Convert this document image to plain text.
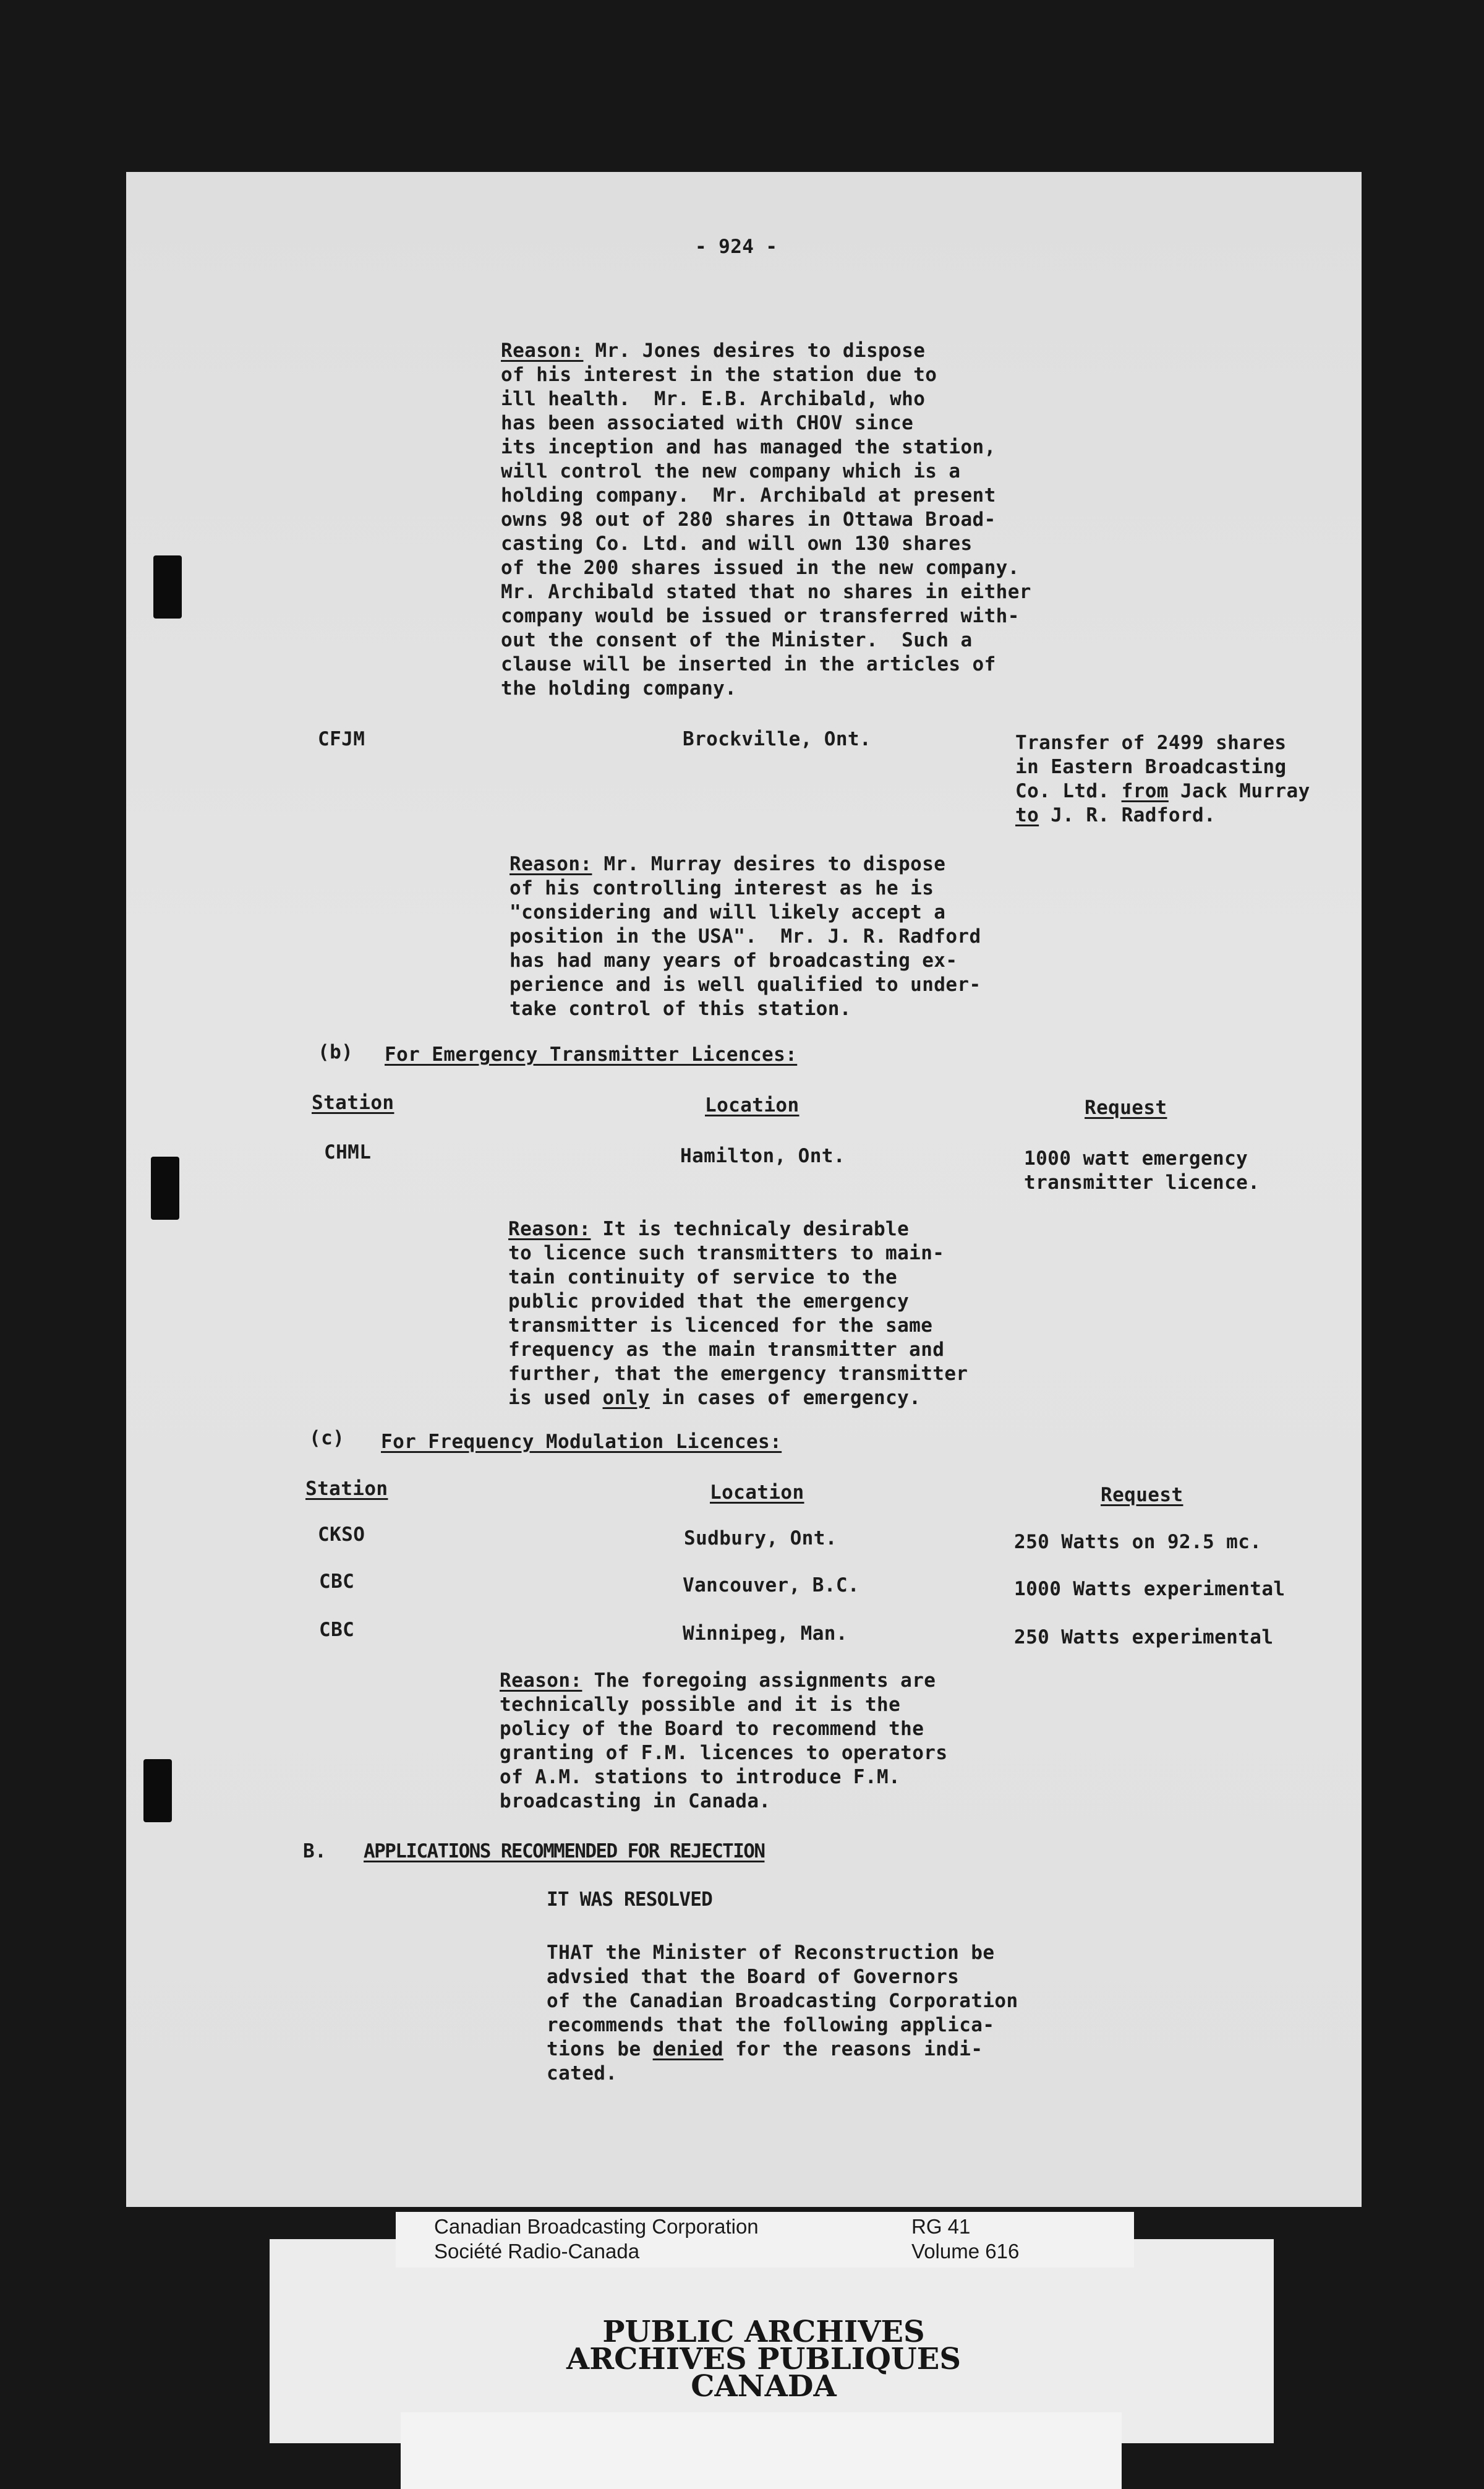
- 924 -
Reason: Mr. Jones desires to dispose
of his interest in the station due to
ill health.  Mr. E.B. Archibald, who
has been associated with CHOV since
its inception and has managed the station,
will control the new company which is a
holding company.  Mr. Archibald at present
owns 98 out of 280 shares in Ottawa Broad-
casting Co. Ltd. and will own 130 shares
of the 200 shares issued in the new company.
Mr. Archibald stated that no shares in either
company would be issued or transferred with-
out the consent of the Minister.  Such a
clause will be inserted in the articles of
the holding company.
CFJM	Brockville, Ont.	Transfer of 2499 shares
in Eastern Broadcasting
Co. Ltd. from Jack Murray
to J. R. Radford.
Reason: Mr. Murray desires to dispose
of his controlling interest as he is
"considering and will likely accept a
position in the USA".  Mr. J. R. Radford
has had many years of broadcasting ex-
perience and is well qualified to under-
take control of this station.
(b) For Emergency Transmitter Licences:
Station	Location	Request
CHML	Hamilton, Ont.	1000 watt emergency
transmitter licence.
Reason: It is technicaly desirable
to licence such transmitters to main-
tain continuity of service to the
public provided that the emergency
transmitter is licenced for the same
frequency as the main transmitter and
further, that the emergency transmitter
is used only in cases of emergency.
(c) For Frequency Modulation Licences:
Station	Location	Request
CKSO	Sudbury, Ont.	250 Watts on 92.5 mc.
CBC	Vancouver, B.C.	1000 Watts experimental
CBC	Winnipeg, Man.	250 Watts experimental
Reason: The foregoing assignments are
technically possible and it is the
policy of the Board to recommend the
granting of F.M. licences to operators
of A.M. stations to introduce F.M.
broadcasting in Canada.
B. APPLICATIONS RECOMMENDED FOR REJECTION
IT WAS RESOLVED
THAT the Minister of Reconstruction be
advsied that the Board of Governors
of the Canadian Broadcasting Corporation
recommends that the following applica-
tions be denied for the reasons indi-
cated.
Canadian Broadcasting Corporation
Société Radio-Canada
RG 41
Volume 616
PUBLIC ARCHIVES
ARCHIVES PUBLIQUES
CANADA
